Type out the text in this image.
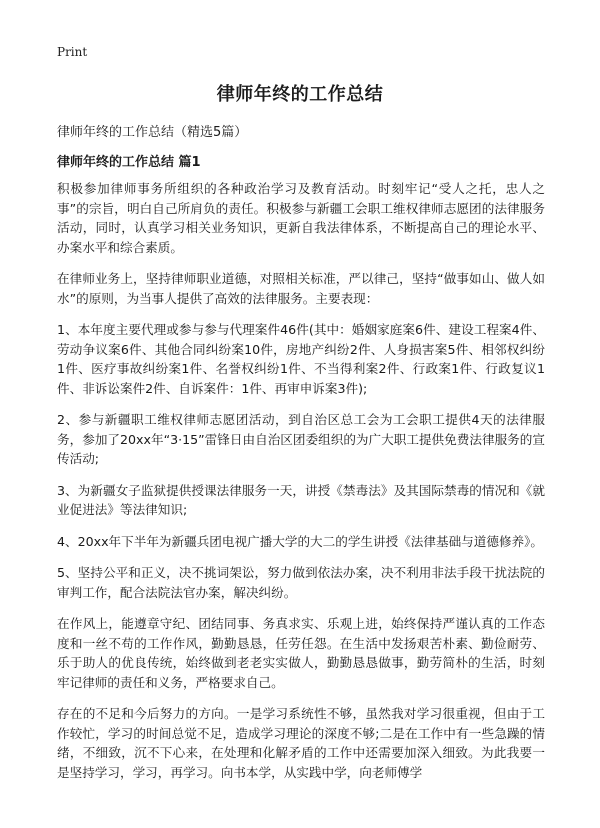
Print
律师年终的工作总结

律师年终的工作总结（精选5篇）

律师年终的工作总结 篇1

积极参加律师事务所组织的各种政治学习及教育活动。时刻牢记“受人之托，忠人之事”的宗旨，明白自己所肩负的责任。积极参与新疆工会职工维权律师志愿团的法律服务活动，同时，认真学习相关业务知识，更新自我法律体系，不断提高自己的理论水平、办案水平和综合素质。

在律师业务上，坚持律师职业道德，对照相关标准，严以律己，坚持“做事如山、做人如水”的原则，为当事人提供了高效的法律服务。主要表现：

1、本年度主要代理或参与参与代理案件46件(其中：婚姻家庭案6件、建设工程案4件、劳动争议案6件、其他合同纠纷案10件，房地产纠纷2件、人身损害案5件、相邻权纠纷1件、医疗事故纠纷案1件、名誉权纠纷1件、不当得利案2件、行政案1件、行政复议1件、非诉讼案件2件、自诉案件：1件、再审申诉案3件);

2、参与新疆职工维权律师志愿团活动，到自治区总工会为工会职工提供4天的法律服务，参加了20xx年“3·15”雷锋日由自治区团委组织的为广大职工提供免费法律服务的宣传活动;

3、为新疆女子监狱提供授课法律服务一天，讲授《禁毒法》及其国际禁毒的情况和《就业促进法》等法律知识;

4、20xx年下半年为新疆兵团电视广播大学的大二的学生讲授《法律基础与道德修养》。

5、坚持公平和正义，决不挑词架讼，努力做到依法办案，决不利用非法手段干扰法院的审判工作，配合法院法官办案，解决纠纷。

在作风上，能遵章守纪、团结同事、务真求实、乐观上进，始终保持严谨认真的工作态度和一丝不苟的工作作风，勤勤恳恳，任劳任怨。在生活中发扬艰苦朴素、勤俭耐劳、乐于助人的优良传统，始终做到老老实实做人，勤勤恳恳做事，勤劳简朴的生活，时刻牢记律师的责任和义务，严格要求自己。

存在的不足和今后努力的方向。一是学习系统性不够，虽然我对学习很重视，但由于工作较忙，学习的时间总觉不足，造成学习理论的深度不够;二是在工作中有一些急躁的情绪，不细致，沉不下心来，在处理和化解矛盾的工作中还需要加深入细致。为此我要一是坚持学习，学习，再学习。向书本学，从实践中学，向老师傅学
